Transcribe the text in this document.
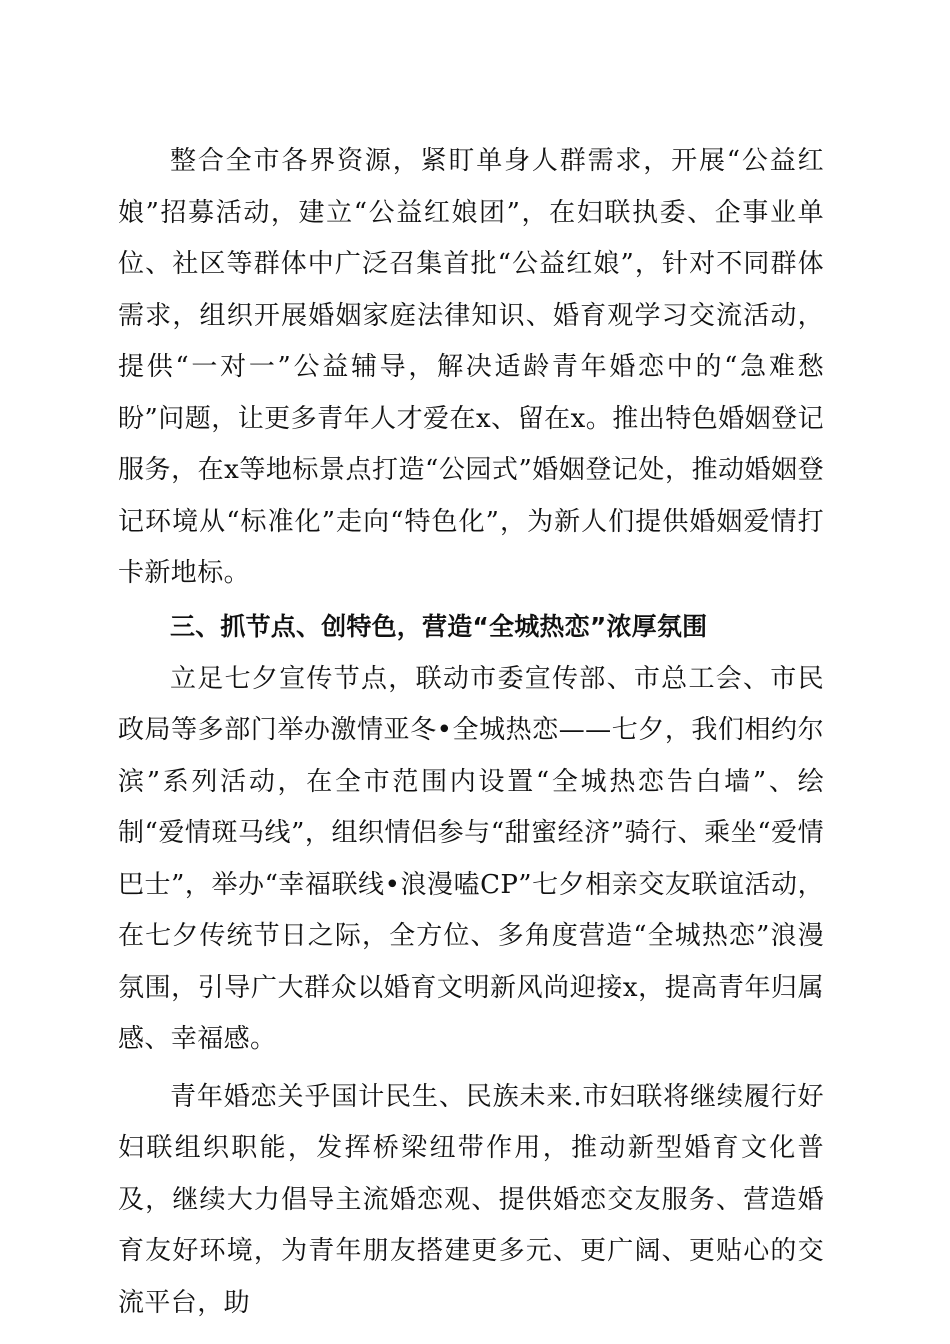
整合全市各界资源，紧盯单身人群需求，开展“公益红娘”招募活动，建立“公益红娘团”，在妇联执委、企事业单位、社区等群体中广泛召集首批“公益红娘”，针对不同群体需求，组织开展婚姻家庭法律知识、婚育观学习交流活动，提供“一对一”公益辅导，解决适龄青年婚恋中的“急难愁盼”问题，让更多青年人才爱在x、留在x。推出特色婚姻登记服务，在x等地标景点打造“公园式”婚姻登记处，推动婚姻登记环境从“标准化”走向“特色化”，为新人们提供婚姻爱情打卡新地标。

三、抓节点、创特色，营造“全城热恋”浓厚氛围

立足七夕宣传节点，联动市委宣传部、市总工会、市民政局等多部门举办激情亚冬•全城热恋——七夕，我们相约尔滨”系列活动，在全市范围内设置“全城热恋告白墙”、绘制“爱情斑马线”，组织情侣参与“甜蜜经济”骑行、乘坐“爱情巴士”，举办“幸福联线•浪漫嗑CP”七夕相亲交友联谊活动，在七夕传统节日之际，全方位、多角度营造“全城热恋”浪漫氛围，引导广大群众以婚育文明新风尚迎接x，提高青年归属感、幸福感。

青年婚恋关乎国计民生、民族未来.市妇联将继续履行好妇联组织职能，发挥桥梁纽带作用，推动新型婚育文化普及，继续大力倡导主流婚恋观、提供婚恋交友服务、营造婚育友好环境，为青年朋友搭建更多元、更广阔、更贴心的交流平台，助
